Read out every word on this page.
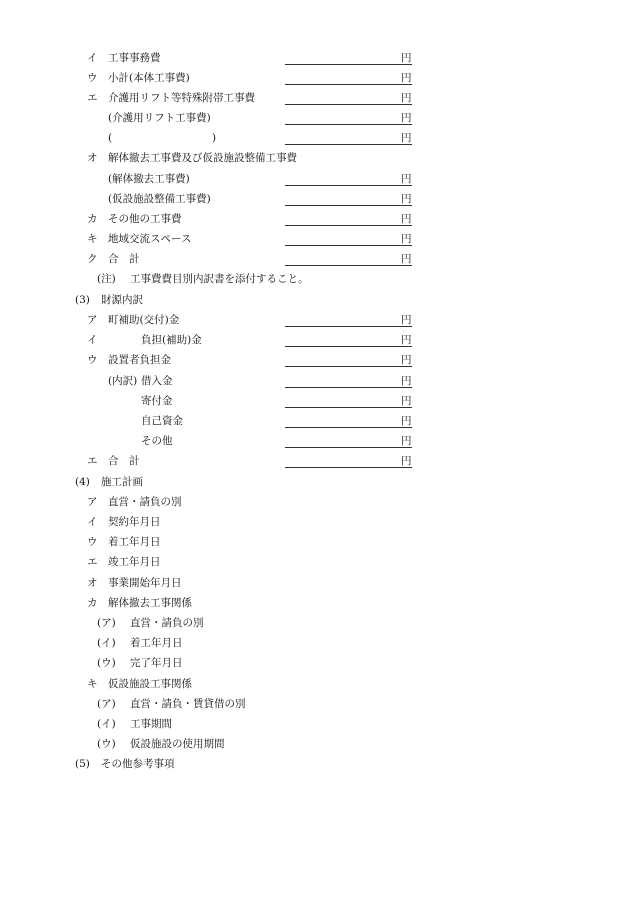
イ 工事事務費	円
ウ 小計(本体工事費)	円
エ 介護用リフト等特殊附帯工事費	円
(介護用リフト工事費)	円
(	)	円
オ 解体撤去工事費及び仮設施設整備工事費
(解体撤去工事費)	円
(仮設施設整備工事費)	円
カ その他の工事費	円
キ 地域交流スペース	円
ク 合　計	円
(注) 工事費費目別内訳書を添付すること。
(3) 財源内訳
ア 町補助(交付)金	円
イ	負担(補助)金	円
ウ 設置者負担金	円
(内訳) 借入金	円
寄付金	円
自己資金	円
その他	円
エ 合　計	円
(4) 施工計画
ア 直営・請負の別
イ 契約年月日
ウ 着工年月日
エ 竣工年月日
オ 事業開始年月日
カ 解体撤去工事関係
(ア) 直営・請負の別
(イ) 着工年月日
(ウ) 完了年月日
キ 仮設施設工事関係
(ア) 直営・請負・賃貸借の別
(イ) 工事期間
(ウ) 仮設施設の使用期間
(5) その他参考事項
